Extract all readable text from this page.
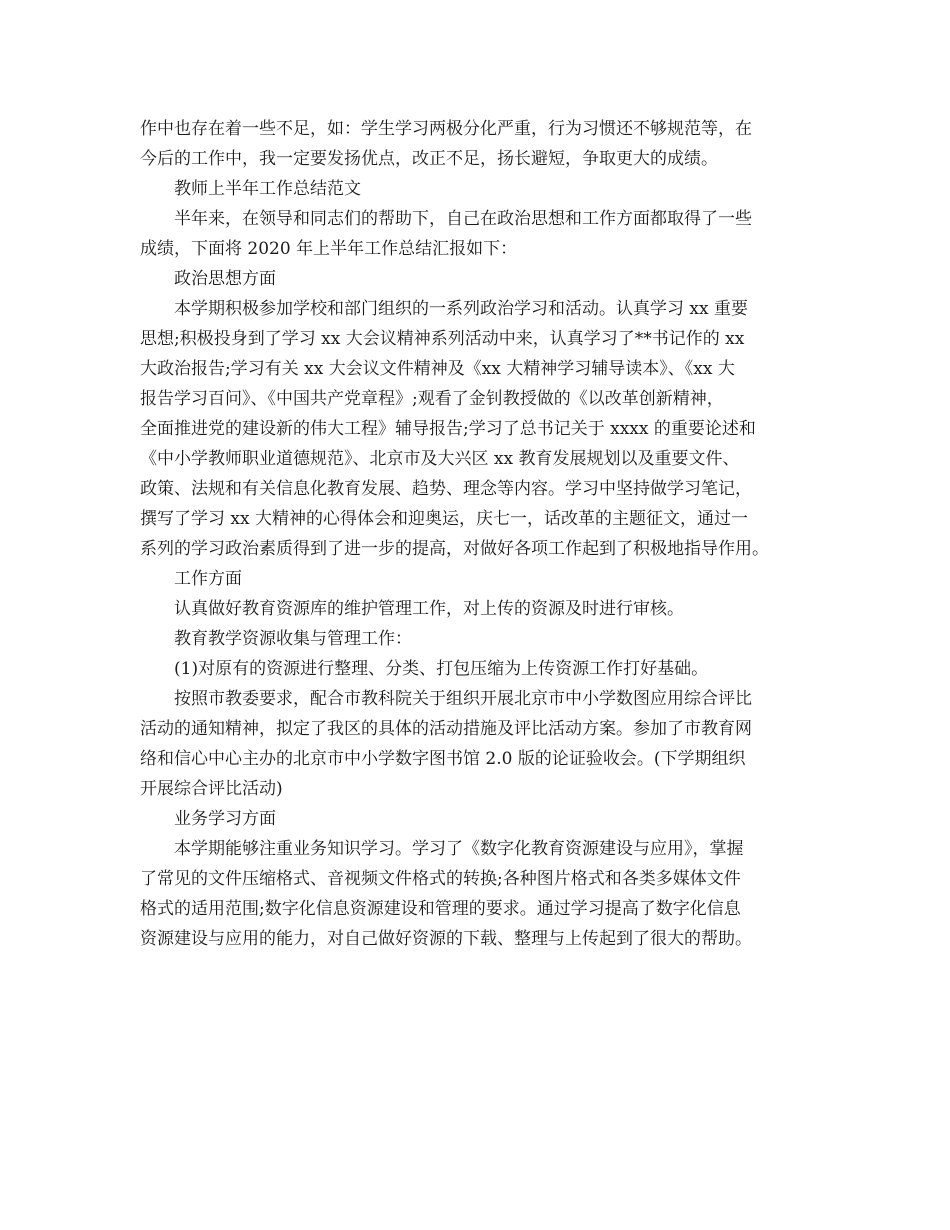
作中也存在着一些不足，如：学生学习两极分化严重，行为习惯还不够规范等，在
今后的工作中，我一定要发扬优点，改正不足，扬长避短，争取更大的成绩。
教师上半年工作总结范文
半年来，在领导和同志们的帮助下，自己在政治思想和工作方面都取得了一些
成绩，下面将 2020 年上半年工作总结汇报如下：
政治思想方面
本学期积极参加学校和部门组织的一系列政治学习和活动。认真学习 xx 重要
思想;积极投身到了学习 xx 大会议精神系列活动中来，认真学习了**书记作的 xx
大政治报告;学习有关 xx 大会议文件精神及《xx 大精神学习辅导读本》、《xx 大
报告学习百问》、《中国共产党章程》;观看了金钊教授做的《以改革创新精神，
全面推进党的建设新的伟大工程》辅导报告;学习了总书记关于 xxxx 的重要论述和
《中小学教师职业道德规范》、北京市及大兴区 xx 教育发展规划以及重要文件、
政策、法规和有关信息化教育发展、趋势、理念等内容。学习中坚持做学习笔记，
撰写了学习 xx 大精神的心得体会和迎奥运，庆七一，话改革的主题征文，通过一
系列的学习政治素质得到了进一步的提高，对做好各项工作起到了积极地指导作用。
工作方面
认真做好教育资源库的维护管理工作，对上传的资源及时进行审核。
教育教学资源收集与管理工作：
(1)对原有的资源进行整理、分类、打包压缩为上传资源工作打好基础。
按照市教委要求，配合市教科院关于组织开展北京市中小学数图应用综合评比
活动的通知精神，拟定了我区的具体的活动措施及评比活动方案。参加了市教育网
络和信心中心主办的北京市中小学数字图书馆 2.0 版的论证验收会。(下学期组织
开展综合评比活动)
业务学习方面
本学期能够注重业务知识学习。学习了《数字化教育资源建设与应用》，掌握
了常见的文件压缩格式、音视频文件格式的转换;各种图片格式和各类多媒体文件
格式的适用范围;数字化信息资源建设和管理的要求。通过学习提高了数字化信息
资源建设与应用的能力，对自己做好资源的下载、整理与上传起到了很大的帮助。
